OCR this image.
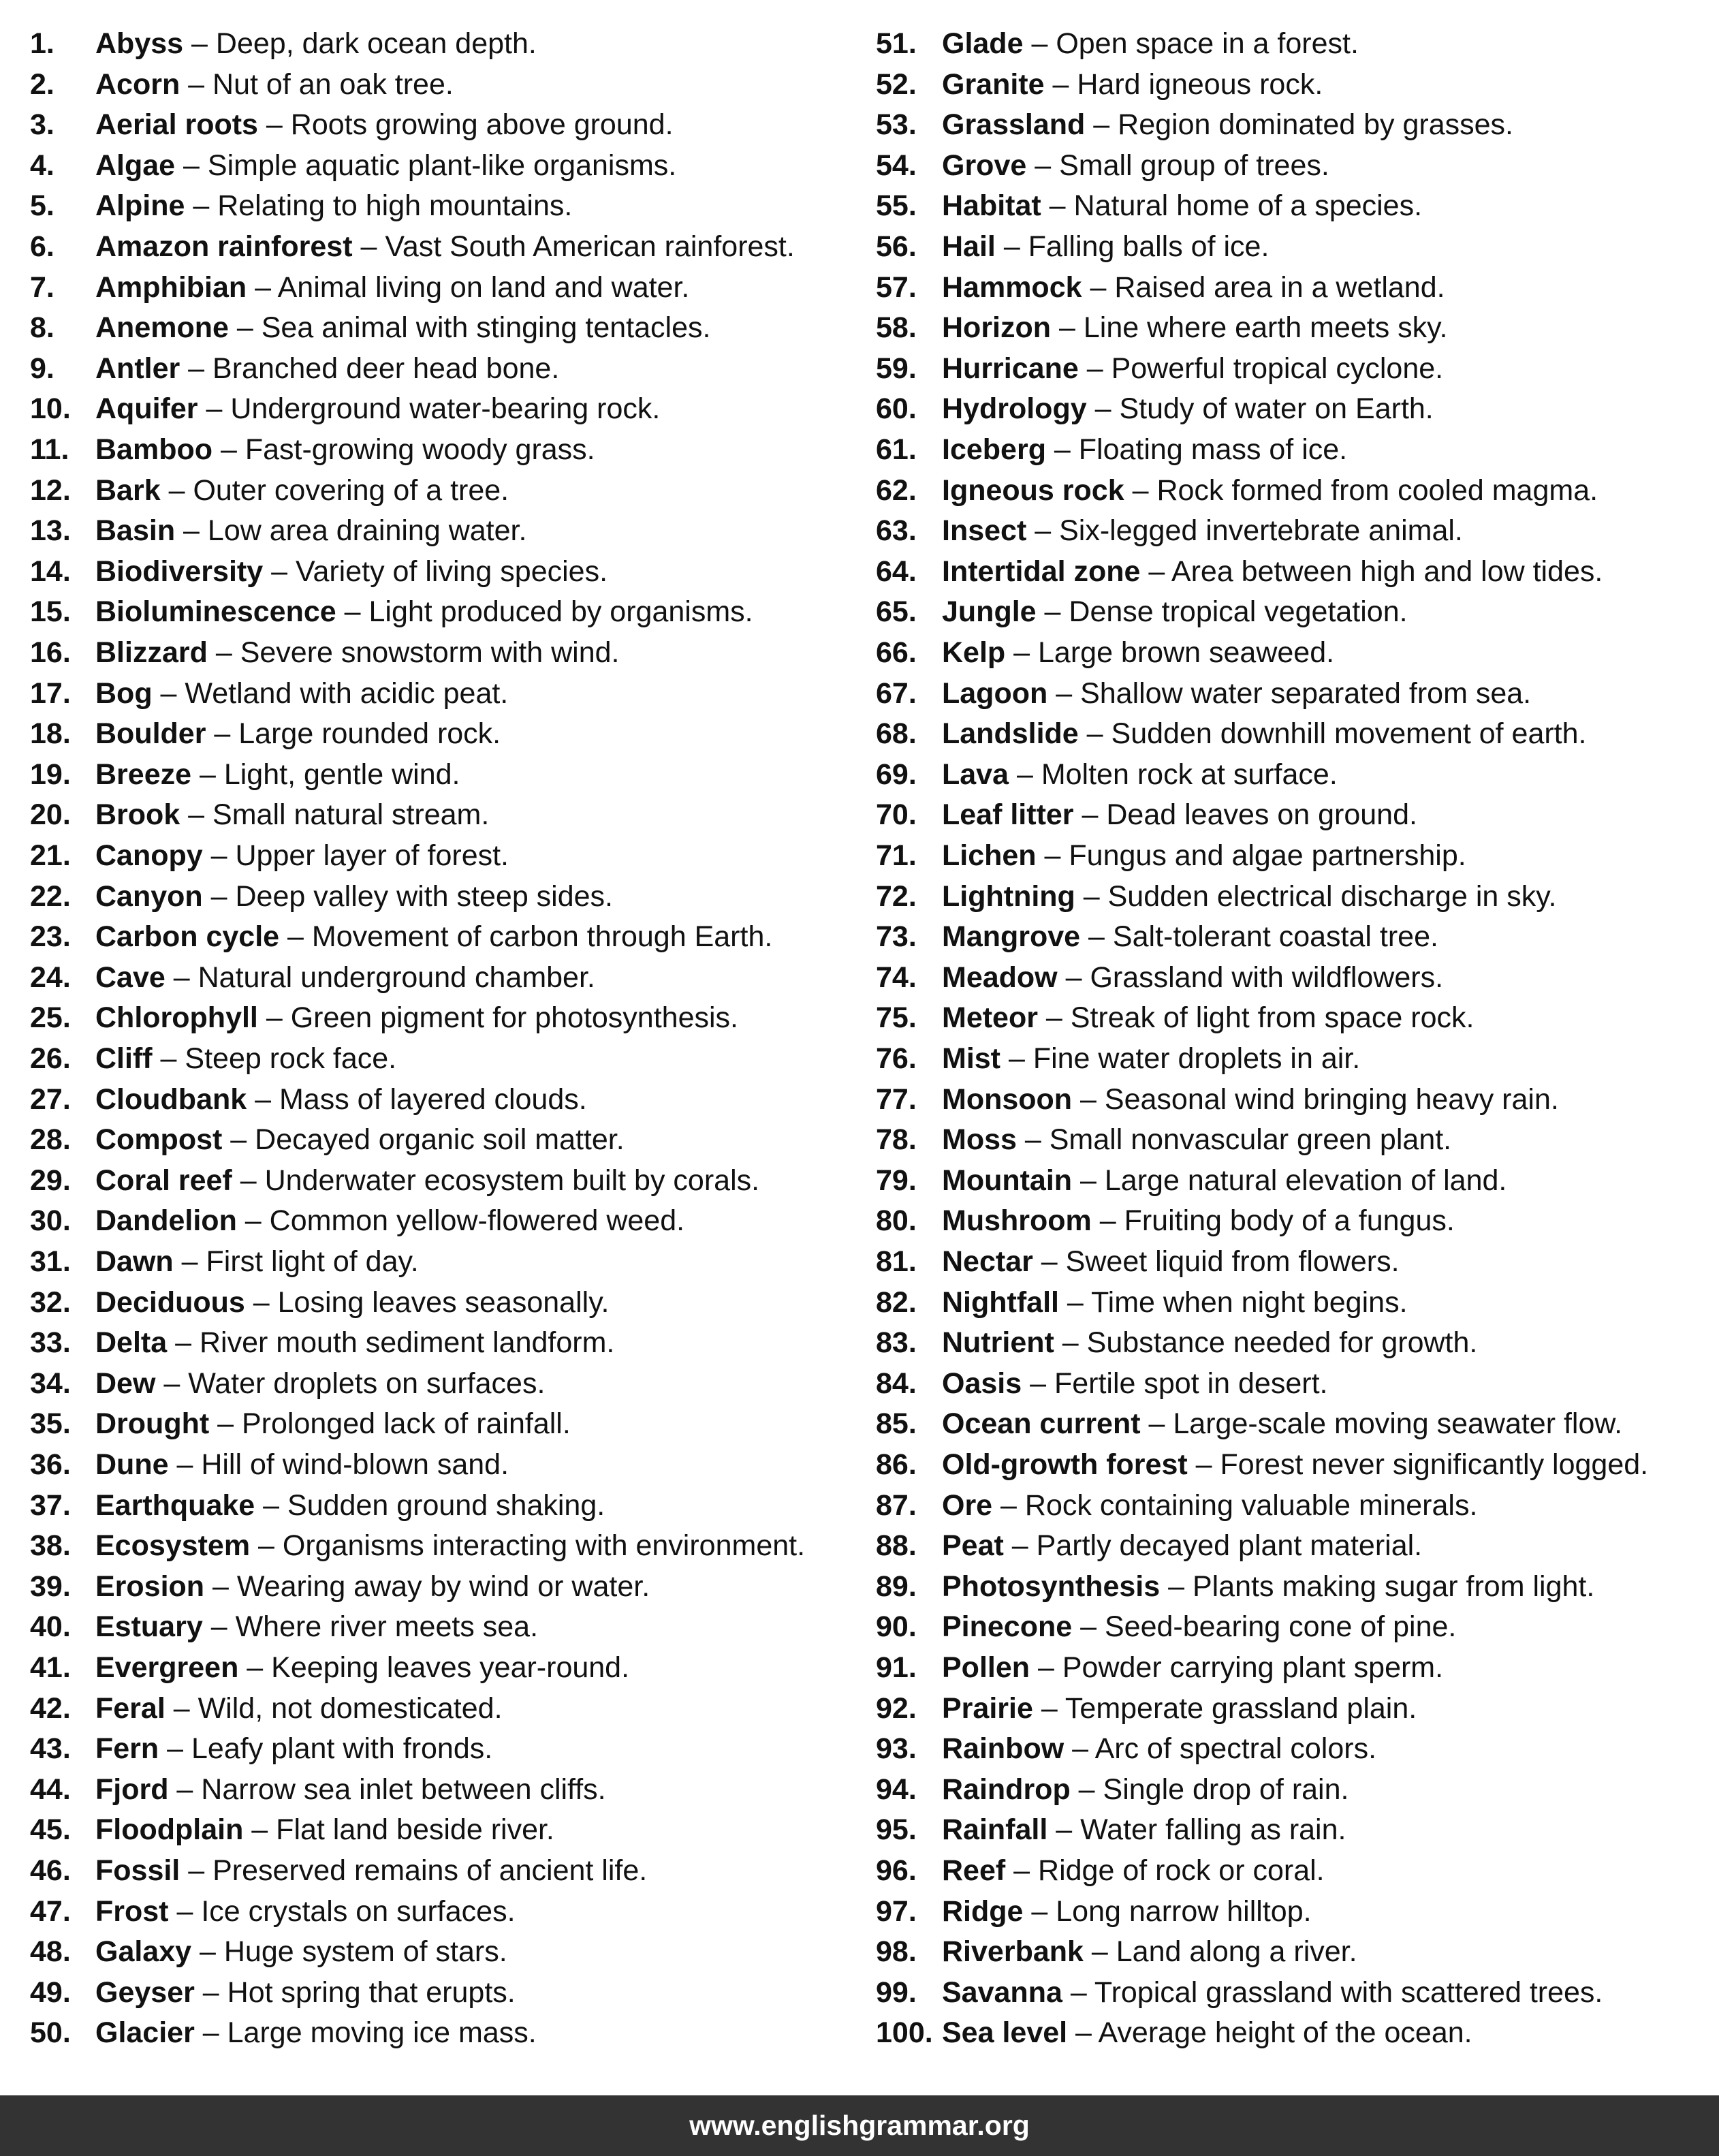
1. Abyss – Deep, dark ocean depth.
2. Acorn – Nut of an oak tree.
3. Aerial roots – Roots growing above ground.
4. Algae – Simple aquatic plant-like organisms.
5. Alpine – Relating to high mountains.
6. Amazon rainforest – Vast South American rainforest.
7. Amphibian – Animal living on land and water.
8. Anemone – Sea animal with stinging tentacles.
9. Antler – Branched deer head bone.
10. Aquifer – Underground water-bearing rock.
11. Bamboo – Fast-growing woody grass.
12. Bark – Outer covering of a tree.
13. Basin – Low area draining water.
14. Biodiversity – Variety of living species.
15. Bioluminescence – Light produced by organisms.
16. Blizzard – Severe snowstorm with wind.
17. Bog – Wetland with acidic peat.
18. Boulder – Large rounded rock.
19. Breeze – Light, gentle wind.
20. Brook – Small natural stream.
21. Canopy – Upper layer of forest.
22. Canyon – Deep valley with steep sides.
23. Carbon cycle – Movement of carbon through Earth.
24. Cave – Natural underground chamber.
25. Chlorophyll – Green pigment for photosynthesis.
26. Cliff – Steep rock face.
27. Cloudbank – Mass of layered clouds.
28. Compost – Decayed organic soil matter.
29. Coral reef – Underwater ecosystem built by corals.
30. Dandelion – Common yellow-flowered weed.
31. Dawn – First light of day.
32. Deciduous – Losing leaves seasonally.
33. Delta – River mouth sediment landform.
34. Dew – Water droplets on surfaces.
35. Drought – Prolonged lack of rainfall.
36. Dune – Hill of wind-blown sand.
37. Earthquake – Sudden ground shaking.
38. Ecosystem – Organisms interacting with environment.
39. Erosion – Wearing away by wind or water.
40. Estuary – Where river meets sea.
41. Evergreen – Keeping leaves year-round.
42. Feral – Wild, not domesticated.
43. Fern – Leafy plant with fronds.
44. Fjord – Narrow sea inlet between cliffs.
45. Floodplain – Flat land beside river.
46. Fossil – Preserved remains of ancient life.
47. Frost – Ice crystals on surfaces.
48. Galaxy – Huge system of stars.
49. Geyser – Hot spring that erupts.
50. Glacier – Large moving ice mass.
51. Glade – Open space in a forest.
52. Granite – Hard igneous rock.
53. Grassland – Region dominated by grasses.
54. Grove – Small group of trees.
55. Habitat – Natural home of a species.
56. Hail – Falling balls of ice.
57. Hammock – Raised area in a wetland.
58. Horizon – Line where earth meets sky.
59. Hurricane – Powerful tropical cyclone.
60. Hydrology – Study of water on Earth.
61. Iceberg – Floating mass of ice.
62. Igneous rock – Rock formed from cooled magma.
63. Insect – Six-legged invertebrate animal.
64. Intertidal zone – Area between high and low tides.
65. Jungle – Dense tropical vegetation.
66. Kelp – Large brown seaweed.
67. Lagoon – Shallow water separated from sea.
68. Landslide – Sudden downhill movement of earth.
69. Lava – Molten rock at surface.
70. Leaf litter – Dead leaves on ground.
71. Lichen – Fungus and algae partnership.
72. Lightning – Sudden electrical discharge in sky.
73. Mangrove – Salt-tolerant coastal tree.
74. Meadow – Grassland with wildflowers.
75. Meteor – Streak of light from space rock.
76. Mist – Fine water droplets in air.
77. Monsoon – Seasonal wind bringing heavy rain.
78. Moss – Small nonvascular green plant.
79. Mountain – Large natural elevation of land.
80. Mushroom – Fruiting body of a fungus.
81. Nectar – Sweet liquid from flowers.
82. Nightfall – Time when night begins.
83. Nutrient – Substance needed for growth.
84. Oasis – Fertile spot in desert.
85. Ocean current – Large-scale moving seawater flow.
86. Old-growth forest – Forest never significantly logged.
87. Ore – Rock containing valuable minerals.
88. Peat – Partly decayed plant material.
89. Photosynthesis – Plants making sugar from light.
90. Pinecone – Seed-bearing cone of pine.
91. Pollen – Powder carrying plant sperm.
92. Prairie – Temperate grassland plain.
93. Rainbow – Arc of spectral colors.
94. Raindrop – Single drop of rain.
95. Rainfall – Water falling as rain.
96. Reef – Ridge of rock or coral.
97. Ridge – Long narrow hilltop.
98. Riverbank – Land along a river.
99. Savanna – Tropical grassland with scattered trees.
100. Sea level – Average height of the ocean.
www.englishgrammar.org
